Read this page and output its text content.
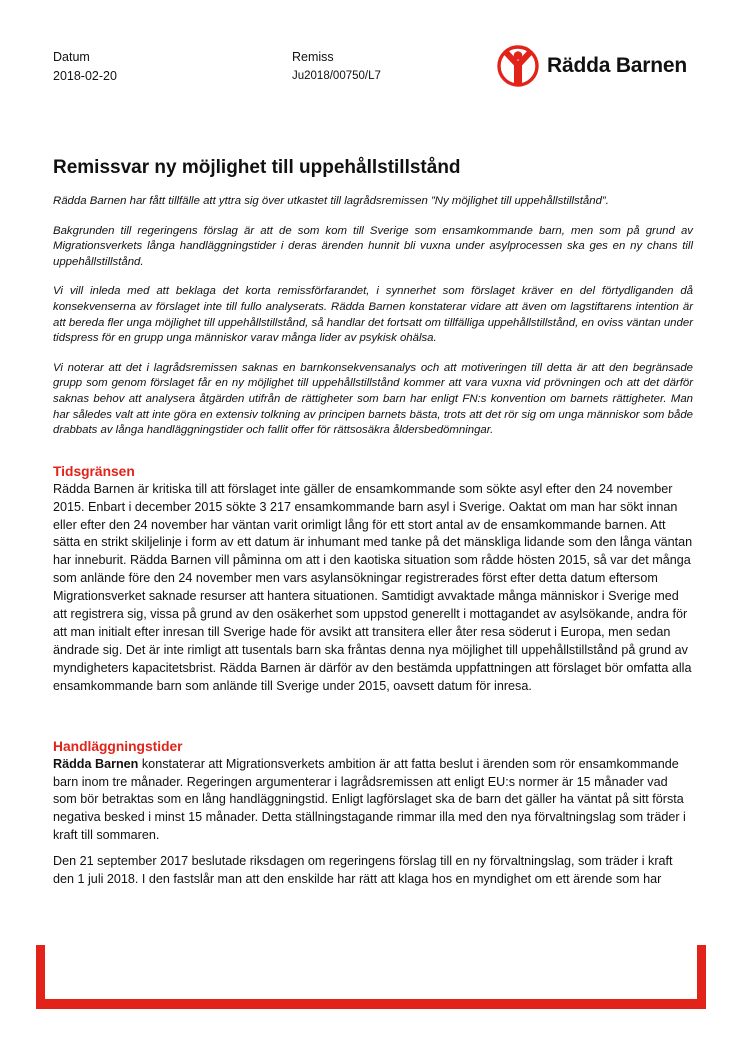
Datum
2018-02-20
Remiss
Ju2018/00750/L7	Rädda Barnen
Remissvar ny möjlighet till uppehållstillstånd

Rädda Barnen har fått tillfälle att yttra sig över utkastet till lagrådsremissen ”Ny möjlighet till uppehållstillstånd”.

Bakgrunden till regeringens förslag är att de som kom till Sverige som ensamkommande barn, men som på grund av Migrationsverkets långa handläggningstider i deras ärenden hunnit bli vuxna under asylprocessen ska ges en ny chans till uppehållstillstånd.

Vi vill inleda med att beklaga det korta remissförfarandet, i synnerhet som förslaget kräver en del förtydliganden då konsekvenserna av förslaget inte till fullo analyserats. Rädda Barnen konstaterar vidare att även om lagstiftarens intention är att bereda fler unga möjlighet till uppehållstillstånd, så handlar det fortsatt om tillfälliga uppehållstillstånd, en oviss väntan under tidspress för en grupp unga människor varav många lider av psykisk ohälsa.

Vi noterar att det i lagrådsremissen saknas en barnkonsekvensanalys och att motiveringen till detta är att den begränsade grupp som genom förslaget får en ny möjlighet till uppehållstillstånd kommer att vara vuxna vid prövningen och att det därför saknas behov att analysera åtgärden utifrån de rättigheter som barn har enligt FN:s konvention om barnets rättigheter. Man har således valt att inte göra en extensiv tolkning av principen barnets bästa, trots att det rör sig om unga människor som både drabbats av långa handläggningstider och fallit offer för rättsosäkra åldersbedömningar.

Tidsgränsen

Rädda Barnen är kritiska till att förslaget inte gäller de ensamkommande som sökte asyl efter den 24 november 2015. Enbart i december 2015 sökte 3 217 ensamkommande barn asyl i Sverige. Oaktat om man har sökt innan eller efter den 24 november har väntan varit orimligt lång för ett stort antal av de ensamkommande barnen. Att sätta en strikt skiljelinje i form av ett datum är inhumant med tanke på det mänskliga lidande som den långa väntan har inneburit. Rädda Barnen vill påminna om att i den kaotiska situation som rådde hösten 2015, så var det många som anlände före den 24 november men vars asylansökningar registrerades först efter detta datum eftersom Migrationsverket saknade resurser att hantera situationen. Samtidigt avvaktade många människor i Sverige med att registrera sig, vissa på grund av den osäkerhet som uppstod generellt i mottagandet av asylsökande, andra för att man initialt efter inresan till Sverige hade för avsikt att transitera eller åter resa söderut i Europa, men sedan ändrade sig. Det är inte rimligt att tusentals barn ska fråntas denna nya möjlighet till uppehållstillstånd på grund av myndigheters kapacitetsbrist. Rädda Barnen är därför av den bestämda uppfattningen att förslaget bör omfatta alla ensamkommande barn som anlände till Sverige under 2015, oavsett datum för inresa.

Handläggningstider

Rädda Barnen konstaterar att Migrationsverkets ambition är att fatta beslut i ärenden som rör ensamkommande barn inom tre månader. Regeringen argumenterar i lagrådsremissen att enligt EU:s normer är 15 månader vad som bör betraktas som en lång handläggningstid. Enligt lagförslaget ska de barn det gäller ha väntat på sitt första negativa besked i minst 15 månader. Detta ställningstagande rimmar illa med den nya förvaltningslag som träder i kraft till sommaren.

Den 21 september 2017 beslutade riksdagen om regeringens förslag till en ny förvaltningslag, som träder i kraft den 1 juli 2018. I den fastslår man att den enskilde har rätt att klaga hos en myndighet om ett ärende som har
